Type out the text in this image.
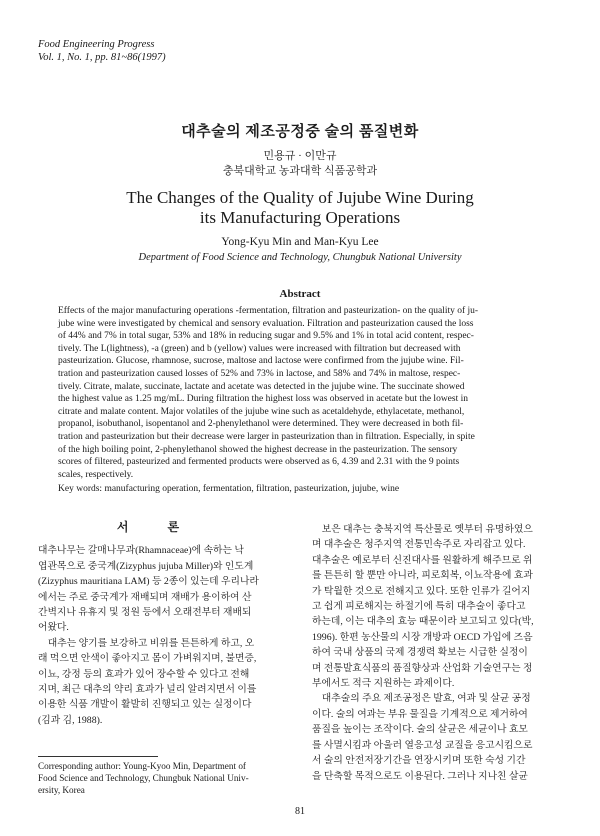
Food Engineering Progress
Vol. 1, No. 1, pp. 81~86(1997)
대추술의 제조공정중 술의 품질변화
민용규 · 이만규
충북대학교 농과대학 식품공학과
The Changes of the Quality of Jujube Wine During
its Manufacturing Operations
Yong-Kyu Min and Man-Kyu Lee
Department of Food Science and Technology, Chungbuk National University
Abstract
Effects of the major manufacturing operations -fermentation, filtration and pasteurization- on the quality of ju-
jube wine were investigated by chemical and sensory evaluation. Filtration and pasteurization caused the loss
of 44% and 7% in total sugar, 53% and 18% in reducing sugar and 9.5% and 1% in total acid content, respec-
tively. The L(lightness), -a (green) and b (yellow) values were increased with filtration but decreased with
pasteurization. Glucose, rhamnose, sucrose, maltose and lactose were confirmed from the jujube wine. Fil-
tration and pasteurization caused losses of 52% and 73% in lactose, and 58% and 74% in maltose, respec-
tively. Citrate, malate, succinate, lactate and acetate was detected in the jujube wine. The succinate showed
the highest value as 1.25 mg/mL. During filtration the highest loss was observed in acetate but the lowest in
citrate and malate content. Major volatiles of the jujube wine such as acetaldehyde, ethylacetate, methanol,
propanol, isobuthanol, isopentanol and 2-phenylethanol were determined. They were decreased in both fil-
tration and pasteurization but their decrease were larger in pasteurization than in filtration. Especially, in spite
of the high boiling point, 2-phenylethanol showed the highest decrease in the pasteurization. The sensory
scores of filtered, pasteurized and fermented products were observed as 6, 4.39 and 2.31 with the 9 points
scales, respectively.
Key words: manufacturing operation, fermentation, filtration, pasteurization, jujube, wine
서 론
대추나무는 갈매나무과(Rhamnaceae)에 속하는 낙
엽관목으로 중국계(Zizyphus jujuba Miller)와 인도계
(Zizyphus mauritiana LAM) 등 2종이 있는데 우리나라
에서는 주로 중국계가 재배되며 재배가 용이하여 산
간벽지나 유휴지 및 정원 등에서 오래전부터 재배되
어왔다.
　대추는 양기를 보강하고 비위를 튼튼하게 하고, 오
래 먹으면 안색이 좋아지고 몸이 가벼워지며, 불면증,
이뇨, 강정 등의 효과가 있어 장수할 수 있다고 전해
지며, 최근 대추의 약리 효과가 널리 알려지면서 이를
이용한 식품 개발이 활발히 진행되고 있는 실정이다
(김과 김, 1988).
Corresponding author: Young-Kyoo Min, Department of
Food Science and Technology, Chungbuk National Univ-
ersity, Korea
　보은 대추는 충북지역 특산물로 옛부터 유명하였으
며 대추술은 청주지역 전통민속주로 자리잡고 있다.
대추술은 예로부터 신진대사를 원활하게 해주므로 위
를 튼튼히 할 뿐만 아니라, 피로회복, 이뇨작용에 효과
가 탁월한 것으로 전해지고 있다. 또한 인류가 길어지
고 쉽게 피로해지는 하절기에 특히 대추술이 좋다고
하는데, 이는 대추의 효능 때문이라 보고되고 있다(박,
1996). 한편 농산물의 시장 개방과 OECD 가입에 즈음
하여 국내 상품의 국제 경쟁력 확보는 시급한 실정이
며 전통발효식품의 품질향상과 산업화 기술연구는 정
부에서도 적극 지원하는 과제이다.
　대추술의 주요 제조공정은 발효, 여과 및 살균 공정
이다. 술의 여과는 부유 물질을 기계적으로 제거하여
품질을 높이는 조작이다. 술의 살균은 세균이나 효모
를 사멸시킴과 아울러 열응고성 교질을 응고시킴으로
서 술의 안전저장기간을 연장시키며 또한 숙성 기간
을 단축할 목적으로도 이용된다. 그러나 지나친 살균
81
